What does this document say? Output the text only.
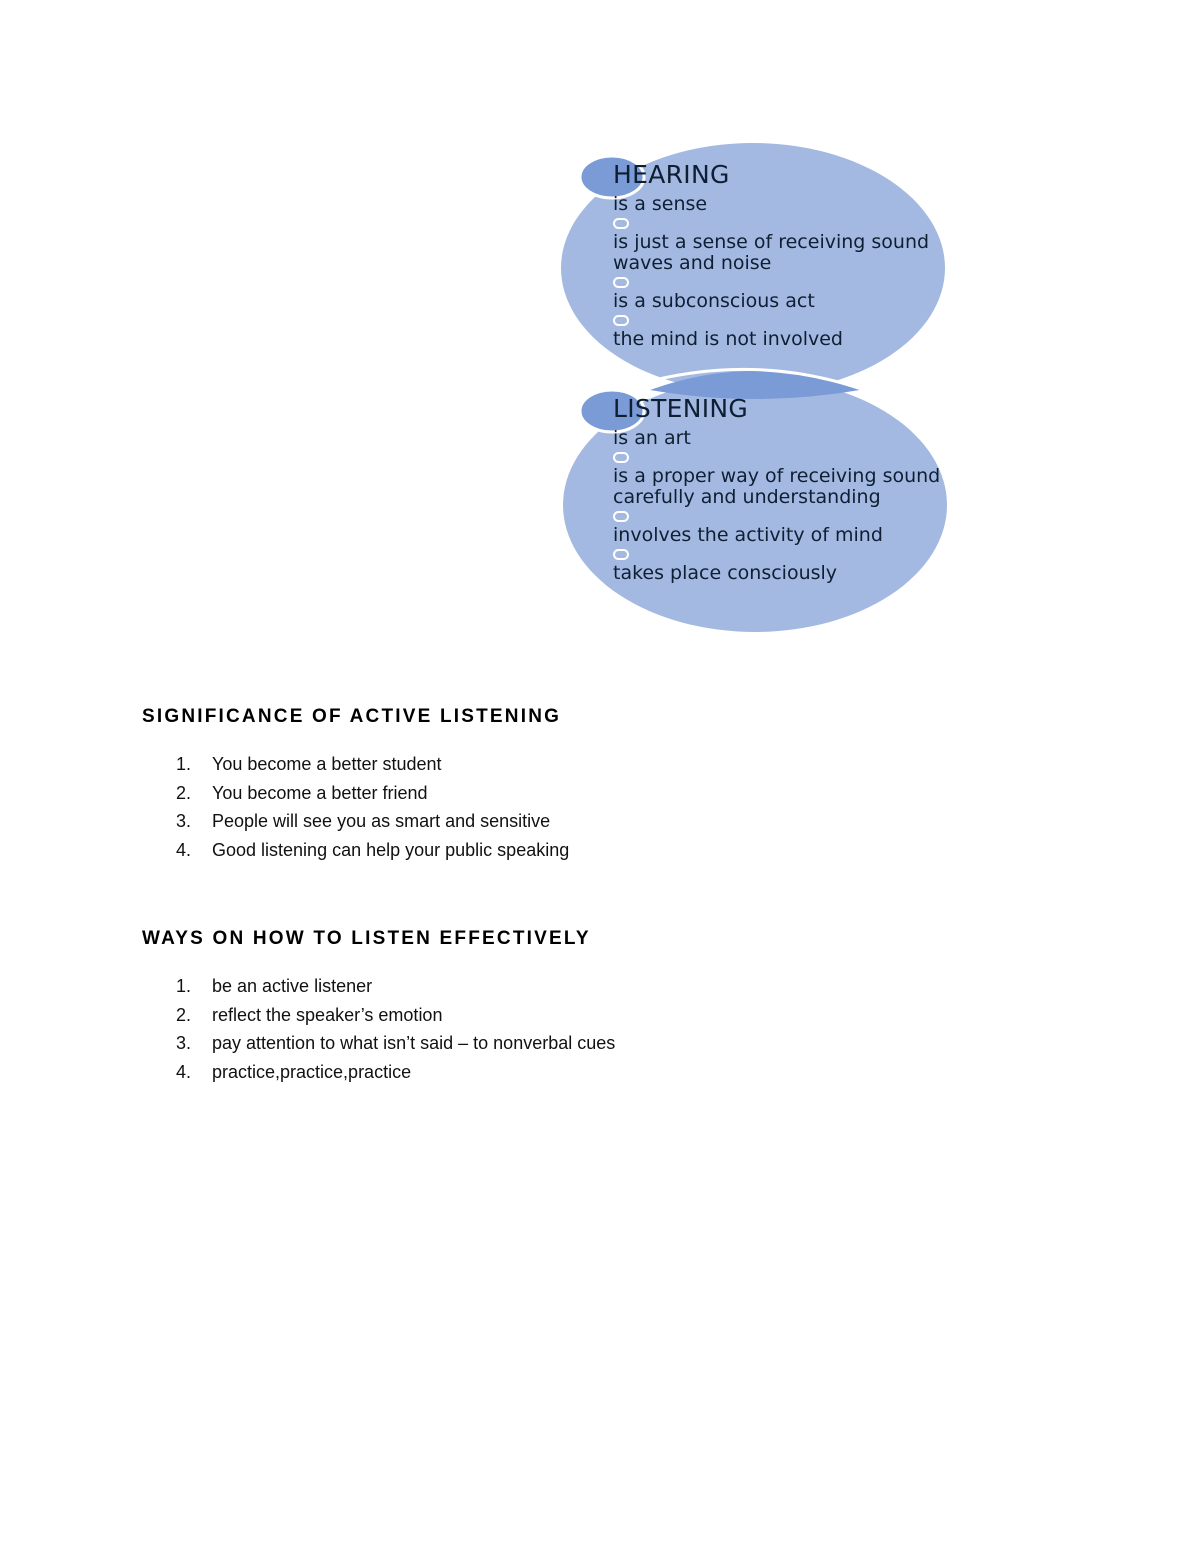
HEARING

is a sense

is just a sense of receiving sound waves and noise

is a subconscious act

the mind is not involved

LISTENING

is an art

is a proper way of receiving sound carefully and understanding

involves the activity of mind

takes place consciously

SIGNIFICANCE OF ACTIVE LISTENING
1. You become a better student
2. You become a better friend
3. People will see you as smart and sensitive
4. Good listening can help your public speaking
WAYS ON HOW TO LISTEN EFFECTIVELY
1. be an active listener
2. reflect the speaker’s emotion
3. pay attention to what isn’t said – to nonverbal cues
4. practice,practice,practice
